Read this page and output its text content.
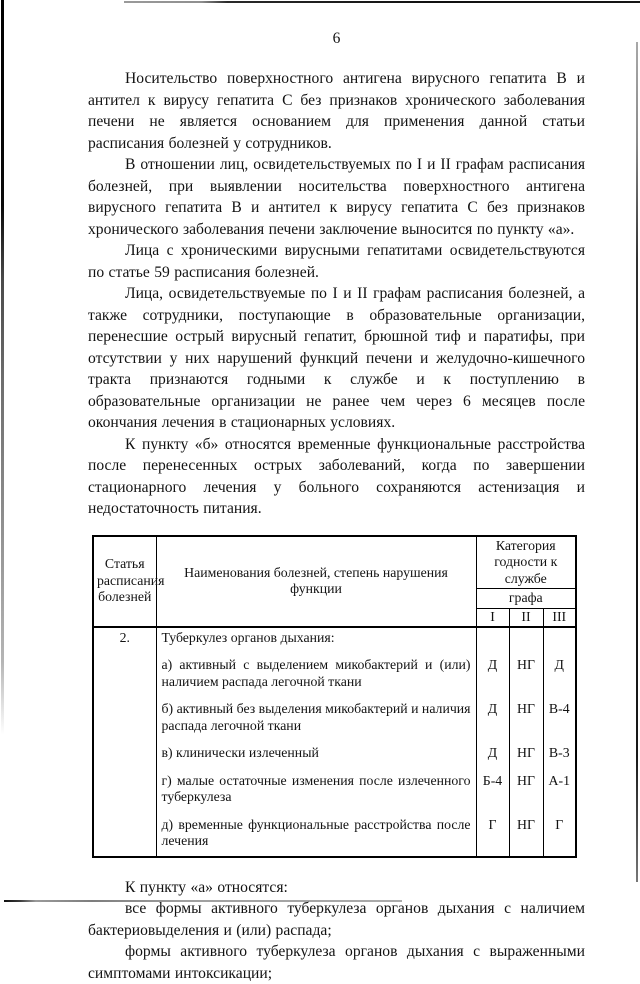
6

Носительство поверхностного антигена вирусного гепатита В и антител к вирусу гепатита С без признаков хронического заболевания печени не является основанием для применения данной статьи расписания болезней у сотрудников.

В отношении лиц, освидетельствуемых по I и II графам расписания болезней, при выявлении носительства поверхностного антигена вирусного гепатита В и антител к вирусу гепатита С без признаков хронического заболевания печени заключение выносится по пункту «а».

Лица с хроническими вирусными гепатитами освидетельствуются по статье 59 расписания болезней.

Лица, освидетельствуемые по I и II графам расписания болезней, а также сотрудники, поступающие в образовательные организации, перенесшие острый вирусный гепатит, брюшной тиф и паратифы, при отсутствии у них нарушений функций печени и желудочно-кишечного тракта признаются годными к службе и к поступлению в образовательные организации не ранее чем через 6 месяцев после окончания лечения в стационарных условиях.

К пункту «б» относятся временные функциональные расстройства после перенесенных острых заболеваний, когда по завершении стационарного лечения у больного сохраняются астенизация и недостаточность питания.

Статья расписания болезней	Наименования болезней, степень нарушения функции	Категория годности к службе		
		графа		
		I	II	III
2.	Туберкулез органов дыхания:			
	а) активный с выделением микобактерий и (или) наличием распада легочной ткани	Д	НГ	Д
	б) активный без выделения микобактерий и наличия распада легочной ткани	Д	НГ	В-4
	в) клинически излеченный	Д	НГ	В-3
	г) малые остаточные изменения после излеченного туберкулеза	Б-4	НГ	А-1
	д) временные функциональные расстройства после лечения	Г	НГ	Г

К пункту «а» относятся:

все формы активного туберкулеза органов дыхания с наличием бактериовыделения и (или) распада;

формы активного туберкулеза органов дыхания с выраженными симптомами интоксикации;
